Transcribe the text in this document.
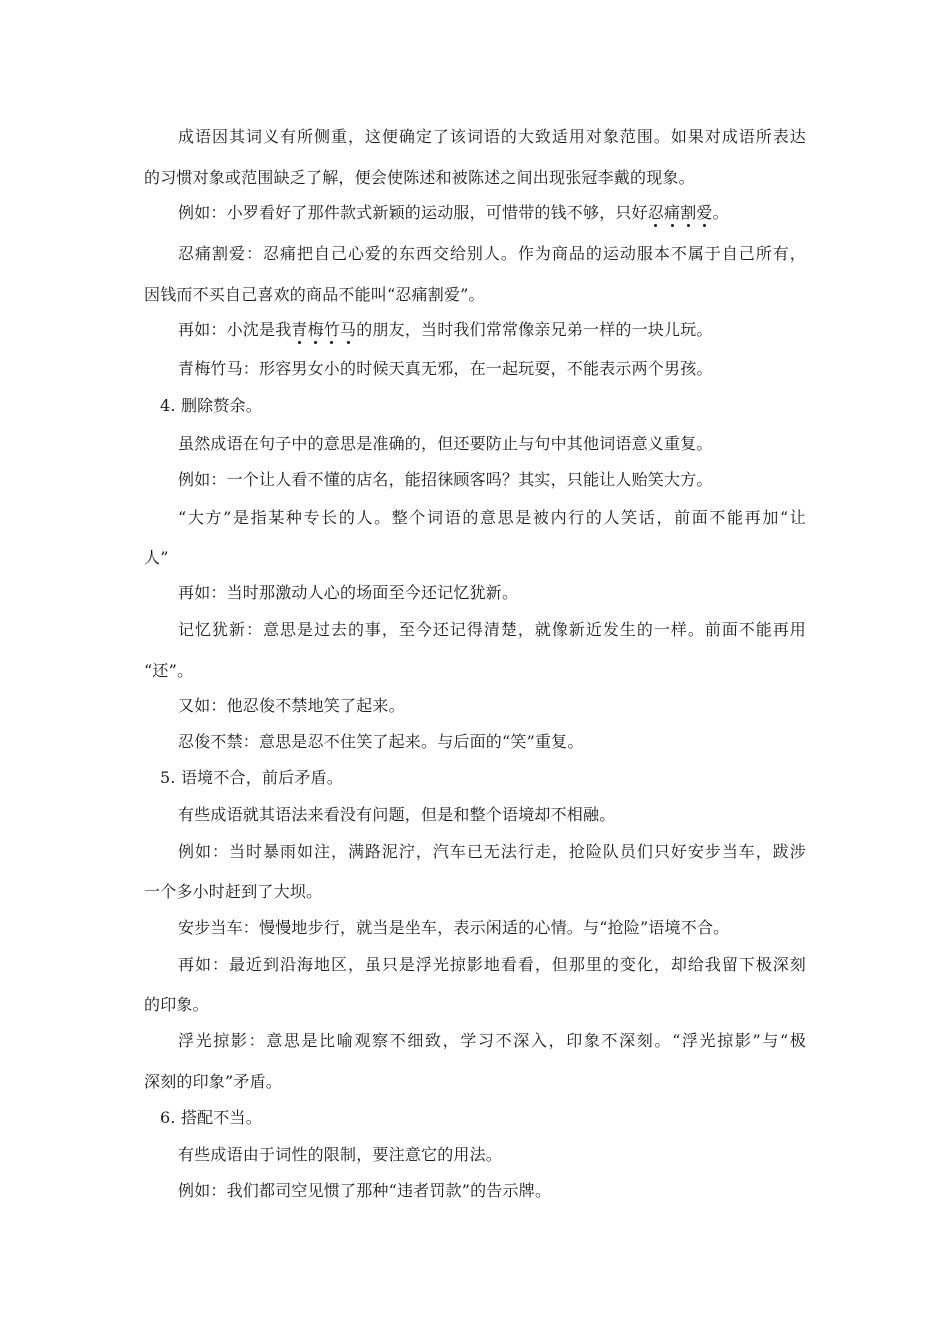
成语因其词义有所侧重，这便确定了该词语的大致适用对象范围。如果对成语所表达
的习惯对象或范围缺乏了解，便会使陈述和被陈述之间出现张冠李戴的现象。
例如：小罗看好了那件款式新颖的运动服，可惜带的钱不够，只好忍痛割爱。
忍痛割爱：忍痛把自己心爱的东西交给别人。作为商品的运动服本不属于自己所有，
因钱而不买自己喜欢的商品不能叫“忍痛割爱”。
再如：小沈是我青梅竹马的朋友，当时我们常常像亲兄弟一样的一块儿玩。
青梅竹马：形容男女小的时候天真无邪，在一起玩耍，不能表示两个男孩。
4. 删除赘余。
虽然成语在句子中的意思是准确的，但还要防止与句中其他词语意义重复。
例如：一个让人看不懂的店名，能招徕顾客吗？其实，只能让人贻笑大方。
“大方”是指某种专长的人。整个词语的意思是被内行的人笑话，前面不能再加“让
人”
再如：当时那激动人心的场面至今还记忆犹新。
记忆犹新：意思是过去的事，至今还记得清楚，就像新近发生的一样。前面不能再用
“还”。
又如：他忍俊不禁地笑了起来。
忍俊不禁：意思是忍不住笑了起来。与后面的“笑”重复。
5. 语境不合，前后矛盾。
有些成语就其语法来看没有问题，但是和整个语境却不相融。
例如：当时暴雨如注，满路泥泞，汽车已无法行走，抢险队员们只好安步当车，跋涉
一个多小时赶到了大坝。
安步当车：慢慢地步行，就当是坐车，表示闲适的心情。与“抢险”语境不合。
再如：最近到沿海地区，虽只是浮光掠影地看看，但那里的变化，却给我留下极深刻
的印象。
浮光掠影：意思是比喻观察不细致，学习不深入，印象不深刻。“浮光掠影”与“极
深刻的印象”矛盾。
6. 搭配不当。
有些成语由于词性的限制，要注意它的用法。
例如：我们都司空见惯了那种“违者罚款”的告示牌。
